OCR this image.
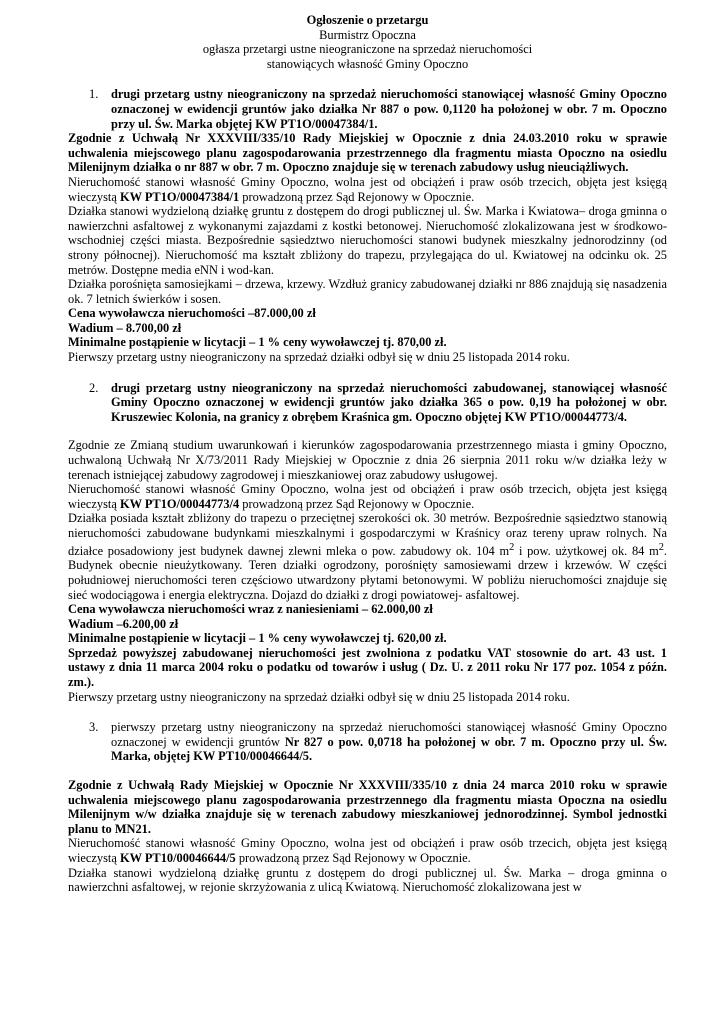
Ogłoszenie o przetargu
Burmistrz Opoczna
ogłasza przetargi ustne nieograniczone na sprzedaż nieruchomości
stanowiących własność Gminy Opoczno
1.	drugi przetarg ustny nieograniczony na sprzedaż nieruchomości stanowiącej własność Gminy Opoczno oznaczonej w ewidencji gruntów jako działka Nr 887 o pow. 0,1120 ha położonej w obr. 7 m. Opoczno przy ul. Św. Marka objętej KW PT1O/00047384/1.

Zgodnie z Uchwałą Nr XXXVIII/335/10 Rady Miejskiej w Opocznie z dnia 24.03.2010 roku w sprawie uchwalenia miejscowego planu zagospodarowania przestrzennego dla fragmentu miasta Opoczno na osiedlu Milenijnym działka o nr 887 w obr. 7 m. Opoczno znajduje się w terenach zabudowy usług nieuciążliwych.

Nieruchomość stanowi własność Gminy Opoczno, wolna jest od obciążeń i praw osób trzecich, objęta jest księgą wieczystą KW PT1O/00047384/1 prowadzoną przez Sąd Rejonowy w Opocznie.

Działka stanowi wydzieloną działkę gruntu z dostępem do drogi publicznej ul. Św. Marka i Kwiatowa– droga gminna o nawierzchni asfaltowej z wykonanymi zajazdami z kostki betonowej. Nieruchomość zlokalizowana jest w środkowo-wschodniej części miasta. Bezpośrednie sąsiedztwo nieruchomości stanowi budynek mieszkalny jednorodzinny (od strony północnej). Nieruchomość ma kształt zbliżony do trapezu, przylegająca do ul. Kwiatowej na odcinku ok. 25 metrów. Dostępne media eNN i wod-kan.

Działka porośnięta samosiejkami – drzewa, krzewy. Wzdłuż granicy zabudowanej działki nr 886 znajdują się nasadzenia ok. 7 letnich świerków i sosen.

Cena wywoławcza nieruchomości –87.000,00 zł

Wadium – 8.700,00 zł

Minimalne postąpienie w licytacji – 1 % ceny wywoławczej tj. 870,00 zł.

Pierwszy przetarg ustny nieograniczony na sprzedaż działki odbył się w dniu 25 listopada 2014 roku.

2.	drugi przetarg ustny nieograniczony na sprzedaż nieruchomości zabudowanej, stanowiącej własność Gminy Opoczno oznaczonej w ewidencji gruntów jako działka 365 o pow. 0,19 ha położonej w obr. Kruszewiec Kolonia, na granicy z obrębem Kraśnica gm. Opoczno objętej KW PT1O/00044773/4.

Zgodnie ze Zmianą studium uwarunkowań i kierunków zagospodarowania przestrzennego miasta i gminy Opoczno, uchwaloną Uchwałą Nr X/73/2011 Rady Miejskiej w Opocznie z dnia 26 sierpnia 2011 roku w/w działka leży w terenach istniejącej zabudowy zagrodowej i mieszkaniowej oraz zabudowy usługowej.

Nieruchomość stanowi własność Gminy Opoczno, wolna jest od obciążeń i praw osób trzecich, objęta jest księgą wieczystą KW PT1O/00044773/4 prowadzoną przez Sąd Rejonowy w Opocznie.

Działka posiada kształt zbliżony do trapezu o przeciętnej szerokości ok. 30 metrów. Bezpośrednie sąsiedztwo stanowią nieruchomości zabudowane budynkami mieszkalnymi i gospodarczymi w Kraśnicy oraz tereny upraw rolnych. Na działce posadowiony jest budynek dawnej zlewni mleka o pow. zabudowy ok. 104 $m^2$ i pow. użytkowej ok. 84 $m^2$. Budynek obecnie nieużytkowany. Teren działki ogrodzony, porośnięty samosiewami drzew i krzewów. W części południowej nieruchomości teren częściowo utwardzony płytami betonowymi. W pobliżu nieruchomości znajduje się sieć wodociągowa i energia elektryczna. Dojazd do działki z drogi powiatowej- asfaltowej.

Cena wywoławcza nieruchomości wraz z naniesieniami – 62.000,00 zł

Wadium –6.200,00 zł

Minimalne postąpienie w licytacji – 1 % ceny wywoławczej tj. 620,00 zł.

Sprzedaż powyższej zabudowanej nieruchomości jest zwolniona z podatku VAT stosownie do art. 43 ust. 1 ustawy z dnia 11 marca 2004 roku o podatku od towarów i usług ( Dz. U. z 2011 roku Nr 177 poz. 1054 z późn. zm.).

Pierwszy przetarg ustny nieograniczony na sprzedaż działki odbył się w dniu 25 listopada 2014 roku.

3.	pierwszy przetarg ustny nieograniczony na sprzedaż nieruchomości stanowiącej własność Gminy Opoczno oznaczonej w ewidencji gruntów Nr 827 o pow. 0,0718 ha położonej w obr. 7 m. Opoczno przy ul. Św. Marka, objętej KW PT10/00046644/5.

Zgodnie z Uchwałą Rady Miejskiej w Opocznie Nr XXXVIII/335/10 z dnia 24 marca 2010 roku w sprawie uchwalenia miejscowego planu zagospodarowania przestrzennego dla fragmentu miasta Opoczna na osiedlu Milenijnym w/w działka znajduje się w terenach zabudowy mieszkaniowej jednorodzinnej. Symbol jednostki planu to MN21.

Nieruchomość stanowi własność Gminy Opoczno, wolna jest od obciążeń i praw osób trzecich, objęta jest księgą wieczystą KW PT10/00046644/5 prowadzoną przez Sąd Rejonowy w Opocznie.

Działka stanowi wydzieloną działkę gruntu z dostępem do drogi publicznej ul. Św. Marka – droga gminna o nawierzchni asfaltowej, w rejonie skrzyżowania z ulicą Kwiatową. Nieruchomość zlokalizowana jest w
